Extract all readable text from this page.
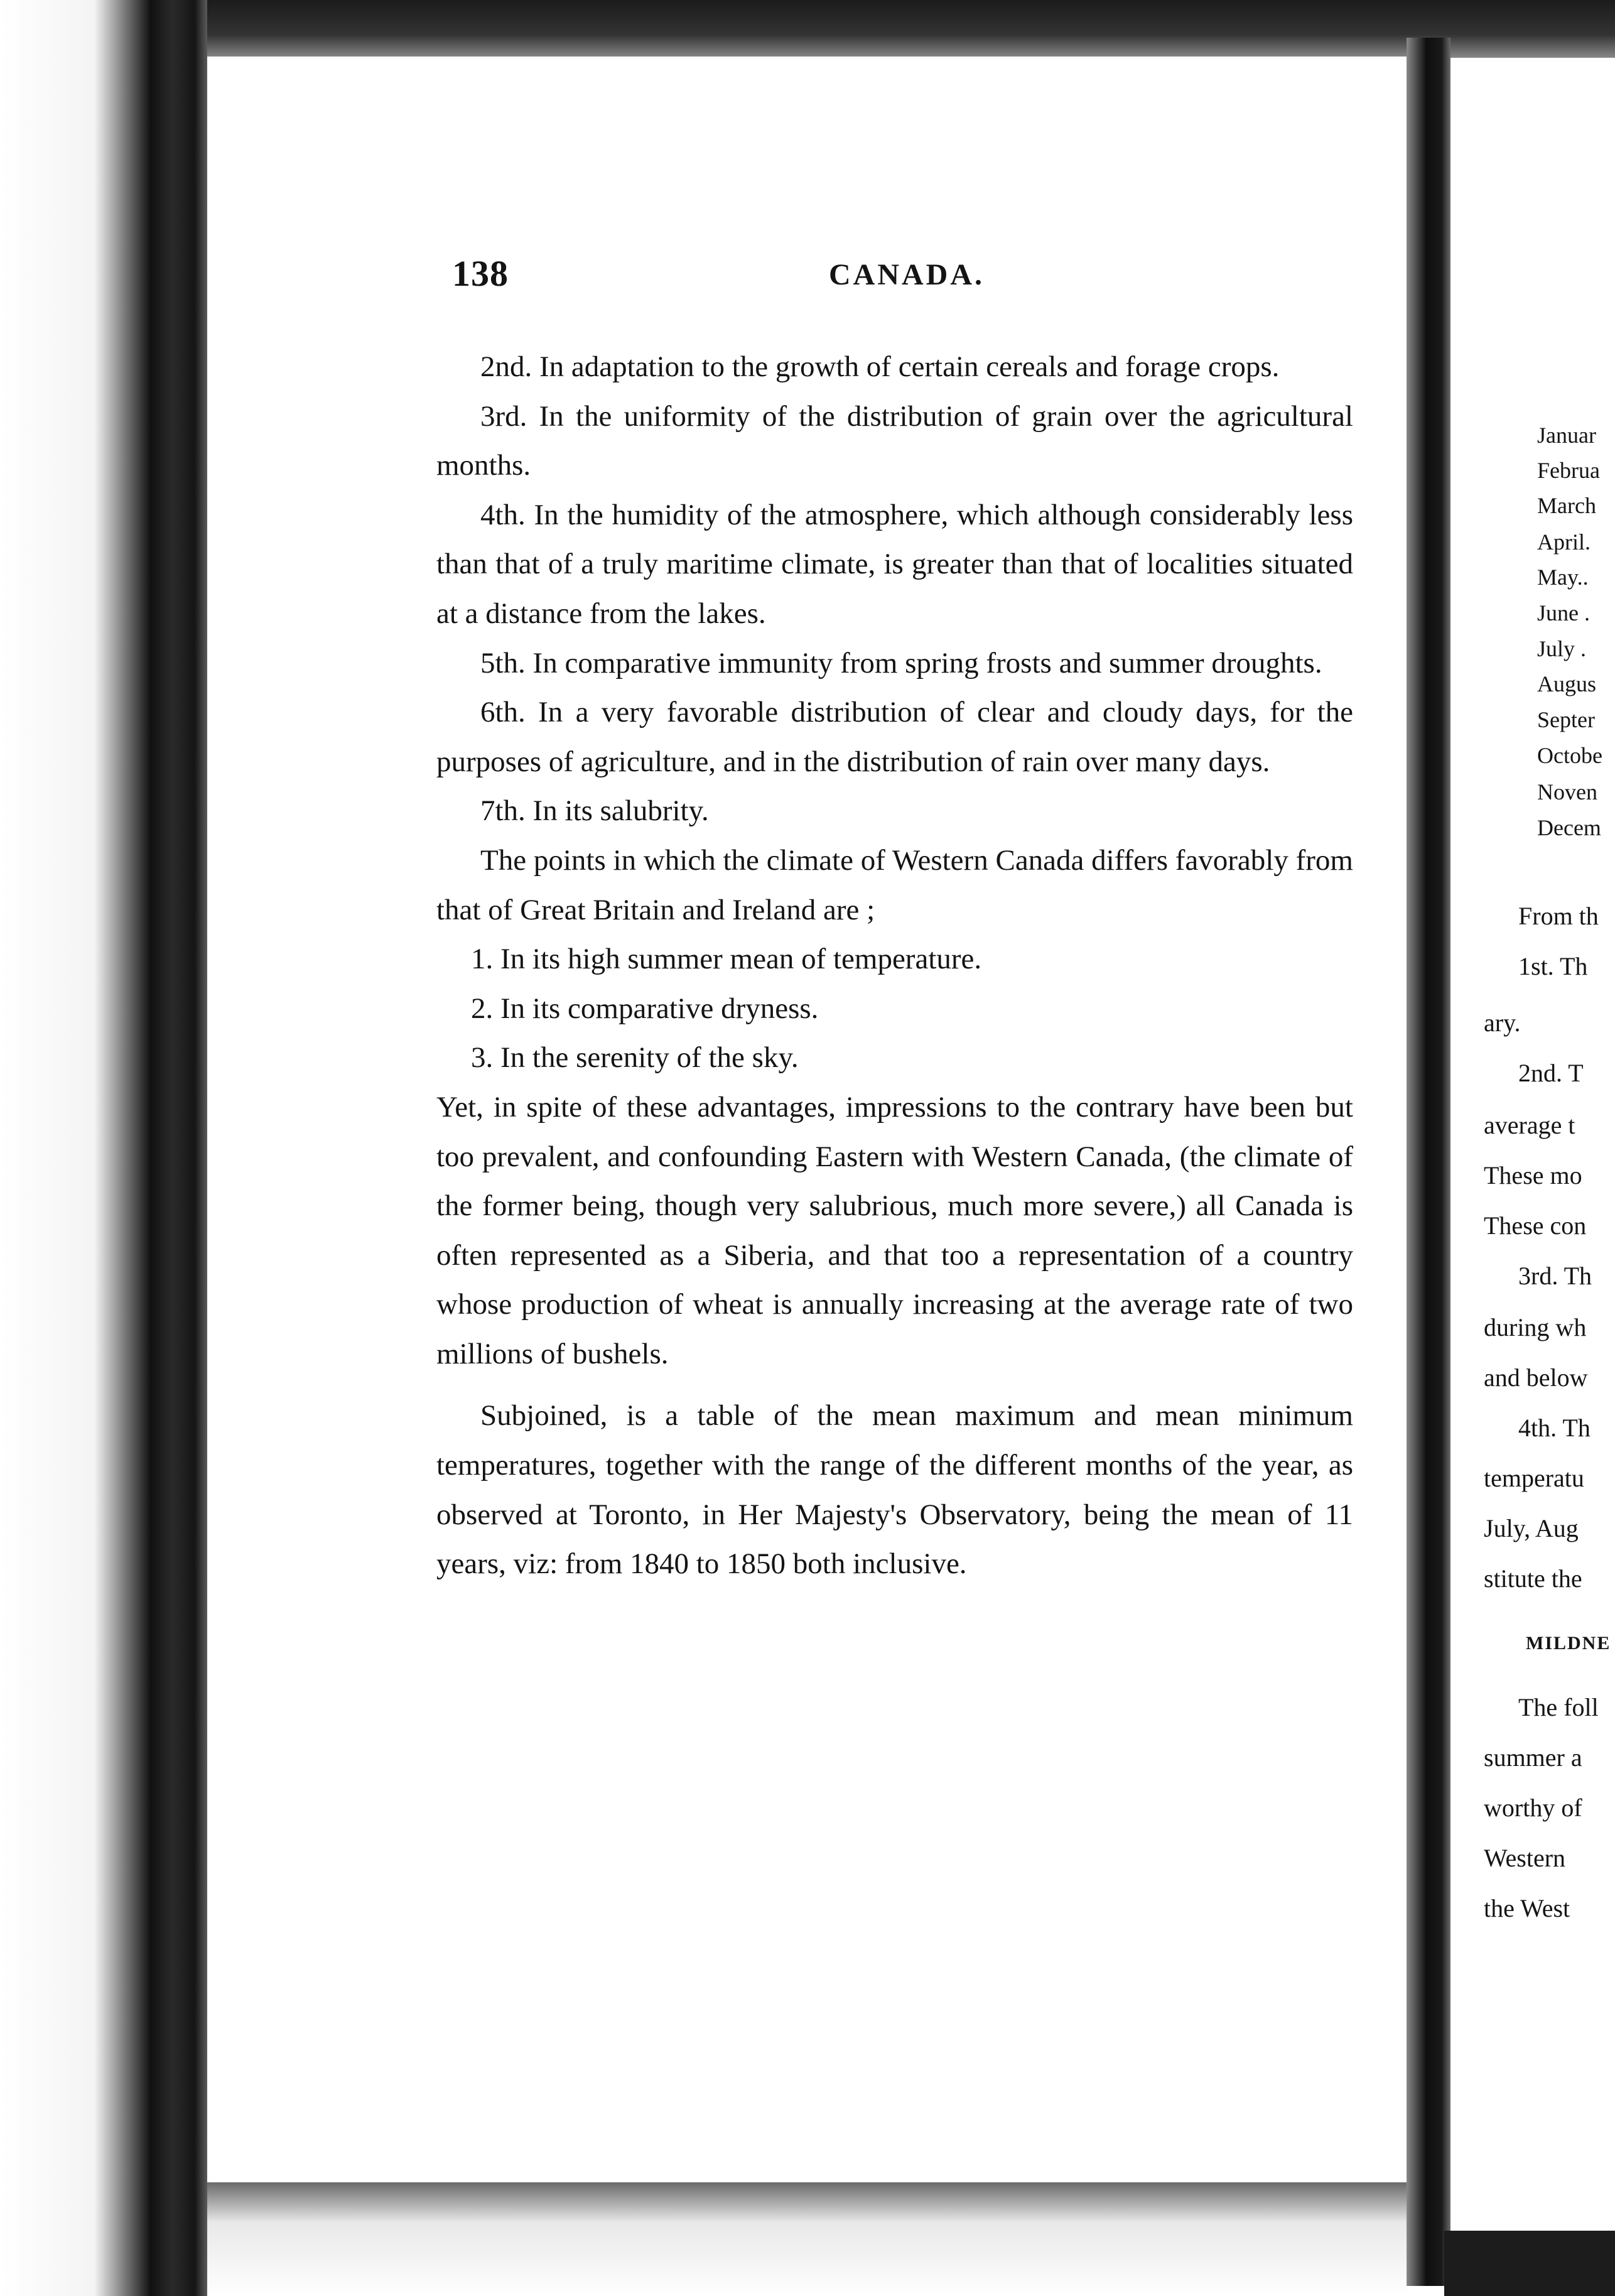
138	CANADA.

2nd. In adaptation to the growth of certain cereals and forage crops.

3rd. In the uniformity of the distribution of grain over the agricultural months.

4th. In the humidity of the atmosphere, which although considerably less than that of a truly maritime climate, is greater than that of localities situated at a distance from the lakes.

5th. In comparative immunity from spring frosts and summer droughts.

6th. In a very favorable distribution of clear and cloudy days, for the purposes of agriculture, and in the distribution of rain over many days.

7th. In its salubrity.

The points in which the climate of Western Canada differs favorably from that of Great Britain and Ireland are ;

1. In its high summer mean of temperature.

2. In its comparative dryness.

3. In the serenity of the sky.

Yet, in spite of these advantages, impressions to the contrary have been but too prevalent, and confounding Eastern with Western Canada, (the climate of the former being, though very salubrious, much more severe,) all Canada is often represented as a Siberia, and that too a representation of a country whose production of wheat is annually increasing at the average rate of two millions of bushels.

Subjoined, is a table of the mean maximum and mean minimum temperatures, together with the range of the different months of the year, as observed at Toronto, in Her Majesty's Observatory, being the mean of 11 years, viz: from 1840 to 1850 both inclusive.

Januar
Februa
March
April.
May..
June .
July .
Augus
Septer
Octobe
Noven
Decem
From th
1st. Th
ary.
2nd. T
average t
These mo
These con
3rd. Th
during wh
and below
4th. Th
temperatu
July, Aug
stitute the
MILDNE
The foll
summer a
worthy of
Western
the West
